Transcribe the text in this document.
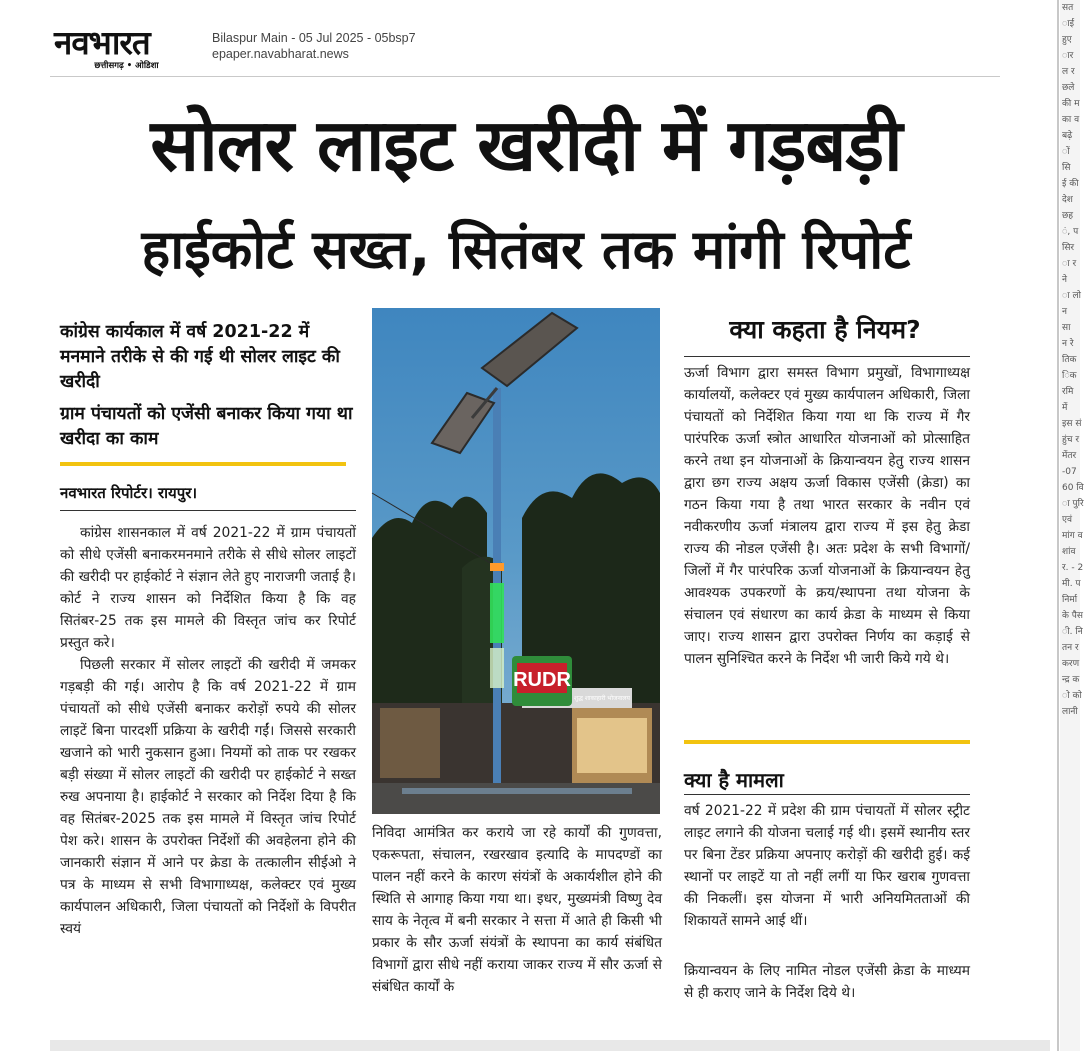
नवभारत
छत्तीसगढ़ • ओडिशा
Bilaspur Main - 05 Jul 2025 - 05bsp7
epaper.navabharat.news
सोलर लाइट खरीदी में गड़बड़ी
हाईकोर्ट सख्त, सितंबर तक मांगी रिपोर्ट
कांग्रेस कार्यकाल में वर्ष 2021-22 में मनमाने तरीके से की गई थी सोलर लाइट की खरीदी
ग्राम पंचायतों को एजेंसी बनाकर किया गया था खरीदा का काम
नवभारत रिपोर्टर। रायपुर।

कांग्रेस शासनकाल में वर्ष 2021-22 में ग्राम पंचायतों को सीधे एजेंसी बनाकरमनमाने तरीके से सीधे सोलर लाइटों की खरीदी पर हाईकोर्ट ने संज्ञान लेते हुए नाराजगी जताई है। कोर्ट ने राज्य शासन को निर्देशित किया है कि वह सितंबर-25 तक इस मामले की विस्तृत जांच कर रिपोर्ट प्रस्तुत करे।

पिछली सरकार में सोलर लाइटों की खरीदी में जमकर गड़बड़ी की गई। आरोप है कि वर्ष 2021-22 में ग्राम पंचायतों को सीधे एजेंसी बनाकर करोड़ों रुपये की सोलर लाइटें बिना पारदर्शी प्रक्रिया के खरीदी गईं। जिससे सरकारी खजाने को भारी नुकसान हुआ। नियमों को ताक पर रखकर बड़ी संख्या में सोलर लाइटों की खरीदी पर हाईकोर्ट ने सख्त रुख अपनाया है। हाईकोर्ट ने सरकार को निर्देश दिया है कि वह सितंबर-2025 तक इस मामले में विस्तृत जांच रिपोर्ट पेश करे। शासन के उपरोक्त निर्देशों की अवहेलना होने की जानकारी संज्ञान में आने पर क्रेडा के तत्कालीन सीईओ ने पत्र के माध्यम से सभी विभागाध्यक्ष, कलेक्टर एवं मुख्य कार्यपालन अधिकारी, जिला पंचायतों को निर्देशों के विपरीत स्वयं

RUDR
शुद्ध शाकाहारी भोजनालय

निविदा आमंत्रित कर कराये जा रहे कार्यों की गुणवत्ता, एकरूपता, संचालन, रखरखाव इत्यादि के मापदण्डों का पालन नहीं करने के कारण संयंत्रों के अकार्यशील होने की स्थिति से आगाह किया गया था। इधर, मुख्यमंत्री विष्णु देव साय के नेतृत्व में बनी सरकार ने सत्ता में आते ही किसी भी प्रकार के सौर ऊर्जा संयंत्रों के स्थापना का कार्य संबंधित विभागों द्वारा सीधे नहीं कराया जाकर राज्य में सौर ऊर्जा से संबंधित कार्यों के

क्या कहता है नियम?
ऊर्जा विभाग द्वारा समस्त विभाग प्रमुखों, विभागाध्यक्ष कार्यालयों, कलेक्टर एवं मुख्य कार्यपालन अधिकारी, जिला पंचायतों को निर्देशित किया गया था कि राज्य में गैर पारंपरिक ऊर्जा स्त्रोत आधारित योजनाओं को प्रोत्साहित करने तथा इन योजनाओं के क्रियान्वयन हेतु राज्य शासन द्वारा छग राज्य अक्षय ऊर्जा विकास एजेंसी (क्रेडा) का गठन किया गया है तथा भारत सरकार के नवीन एवं नवीकरणीय ऊर्जा मंत्रालय द्वारा राज्य में इस हेतु क्रेडा राज्य की नोडल एजेंसी है। अतः प्रदेश के सभी विभागों/जिलों में गैर पारंपरिक ऊर्जा योजनाओं के क्रियान्वयन हेतु आवश्यक उपकरणों के क्रय/स्थापना तथा योजना के संचालन एवं संधारण का कार्य क्रेडा के माध्यम से किया जाए। राज्य शासन द्वारा उपरोक्त निर्णय का कड़ाई से पालन सुनिश्चित करने के निर्देश भी जारी किये गये थे।
क्या है मामला
वर्ष 2021-22 में प्रदेश की ग्राम पंचायतों में सोलर स्ट्रीट लाइट लगाने की योजना चलाई गई थी। इसमें स्थानीय स्तर पर बिना टेंडर प्रक्रिया अपनाए करोड़ों की खरीदी हुई। कई स्थानों पर लाइटें या तो नहीं लगीं या फिर खराब गुणवत्ता की निकलीं। इस योजना में भारी अनियमितताओं की शिकायतें सामने आई थीं।
क्रियान्वयन के लिए नामित नोडल एजेंसी क्रेडा के माध्यम से ही कराए जाने के निर्देश दिये थे।
सत
ाई
हुए
ार
ल र
छले
की म
का व
बढ़े
ों
सि
ई की
देश
छह
ं, प
सिर
ा र
ने
ा लो
न
सा
न रे
तिक
िक
रमि
में
इस सं
हुंच र
मेंतर
-07
60 वि
ा पुरि
एवं
मांग व
शांव
र. - 2
मी. प
निर्मा
के पैस
ी. नि
तन र
करण
न्द्र क
ो को
लानी
